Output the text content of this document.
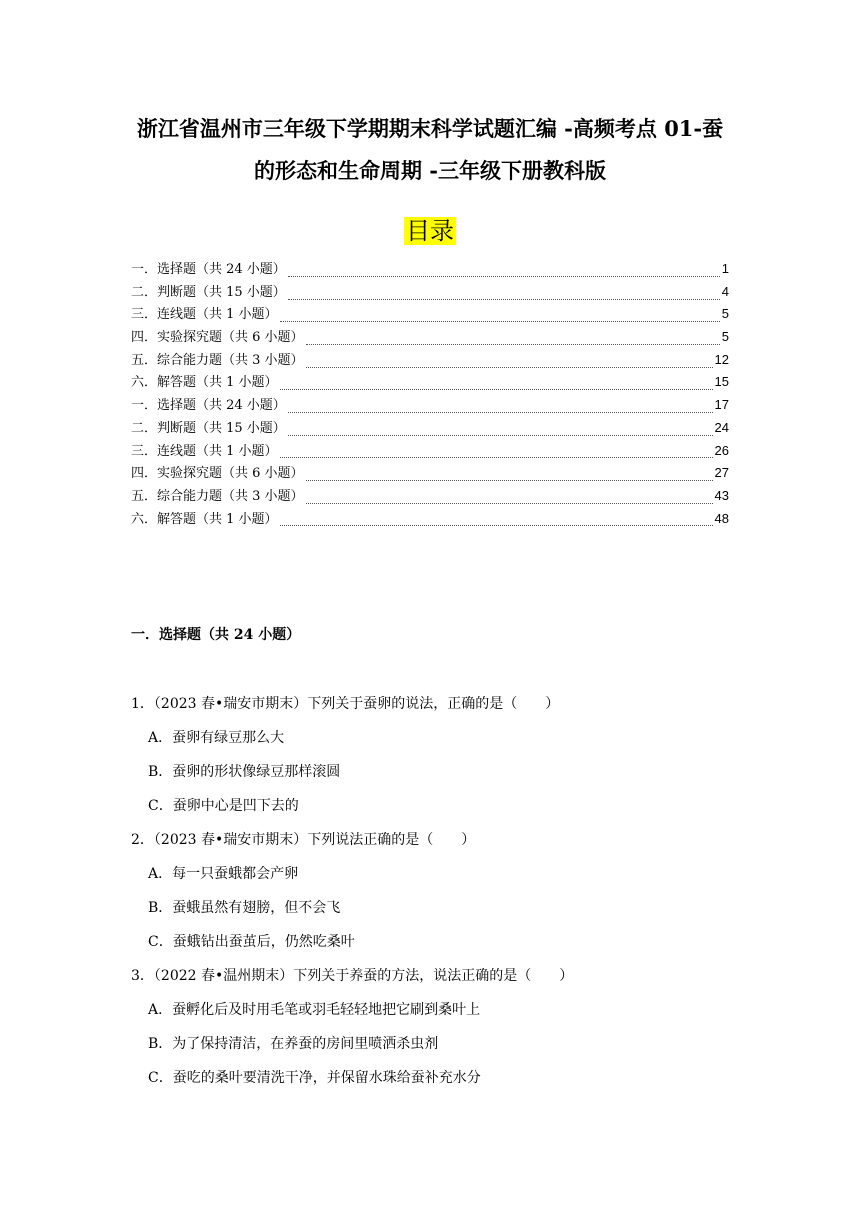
浙江省温州市三年级下学期期末科学试题汇编 -高频考点 01-蚕
的形态和生命周期 -三年级下册教科版
目录
一．选择题（共 24 小题）	1
二．判断题（共 15 小题）	4
三．连线题（共 1 小题）	5
四．实验探究题（共 6 小题）	5
五．综合能力题（共 3 小题）	12
六．解答题（共 1 小题）	15
一．选择题（共 24 小题）	17
二．判断题（共 15 小题）	24
三．连线题（共 1 小题）	26
四．实验探究题（共 6 小题）	27
五．综合能力题（共 3 小题）	43
六．解答题（共 1 小题）	48
一．选择题（共 24 小题）
1．（2023 春•瑞安市期末）下列关于蚕卵的说法，正确的是（　　）
A．蚕卵有绿豆那么大
B．蚕卵的形状像绿豆那样滚圆
C．蚕卵中心是凹下去的
2．（2023 春•瑞安市期末）下列说法正确的是（　　）
A．每一只蚕蛾都会产卵
B．蚕蛾虽然有翅膀，但不会飞
C．蚕蛾钻出蚕茧后，仍然吃桑叶
3．（2022 春•温州期末）下列关于养蚕的方法，说法正确的是（　　）
A．蚕孵化后及时用毛笔或羽毛轻轻地把它刷到桑叶上
B．为了保持清洁，在养蚕的房间里喷洒杀虫剂
C．蚕吃的桑叶要清洗干净，并保留水珠给蚕补充水分
